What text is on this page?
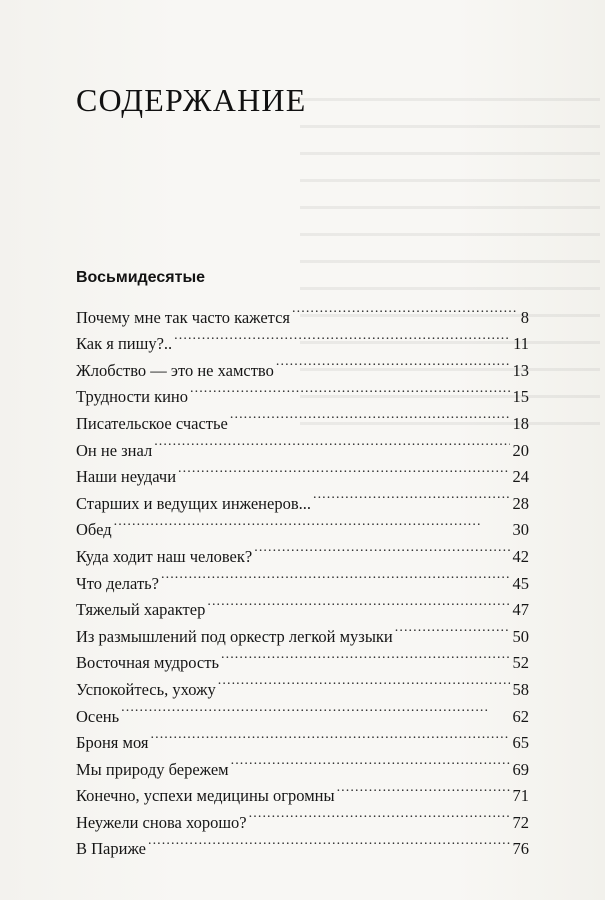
СОДЕРЖАНИЕ
Восьмидесятые
Почему мне так часто кажется . . .	8
Как я пишу?.. . . .	11
Жлобство — это не хамство . . .	13
Трудности кино . . .	15
Писательское счастье . . .	18
Он не знал . . .	20
Наши неудачи . . .	24
Старших и ведущих инженеров... . . .	28
Обед . . .	30
Куда ходит наш человек? . . .	42
Что делать? . . .	45
Тяжелый характер . . .	47
Из размышлений под оркестр легкой музыки . . .	50
Восточная мудрость . . .	52
Успокойтесь, ухожу . . .	58
Осень . . .	62
Броня моя . . .	65
Мы природу бережем . . .	69
Конечно, успехи медицины огромны . . .	71
Неужели снова хорошо? . . .	72
В Париже . . .	76
